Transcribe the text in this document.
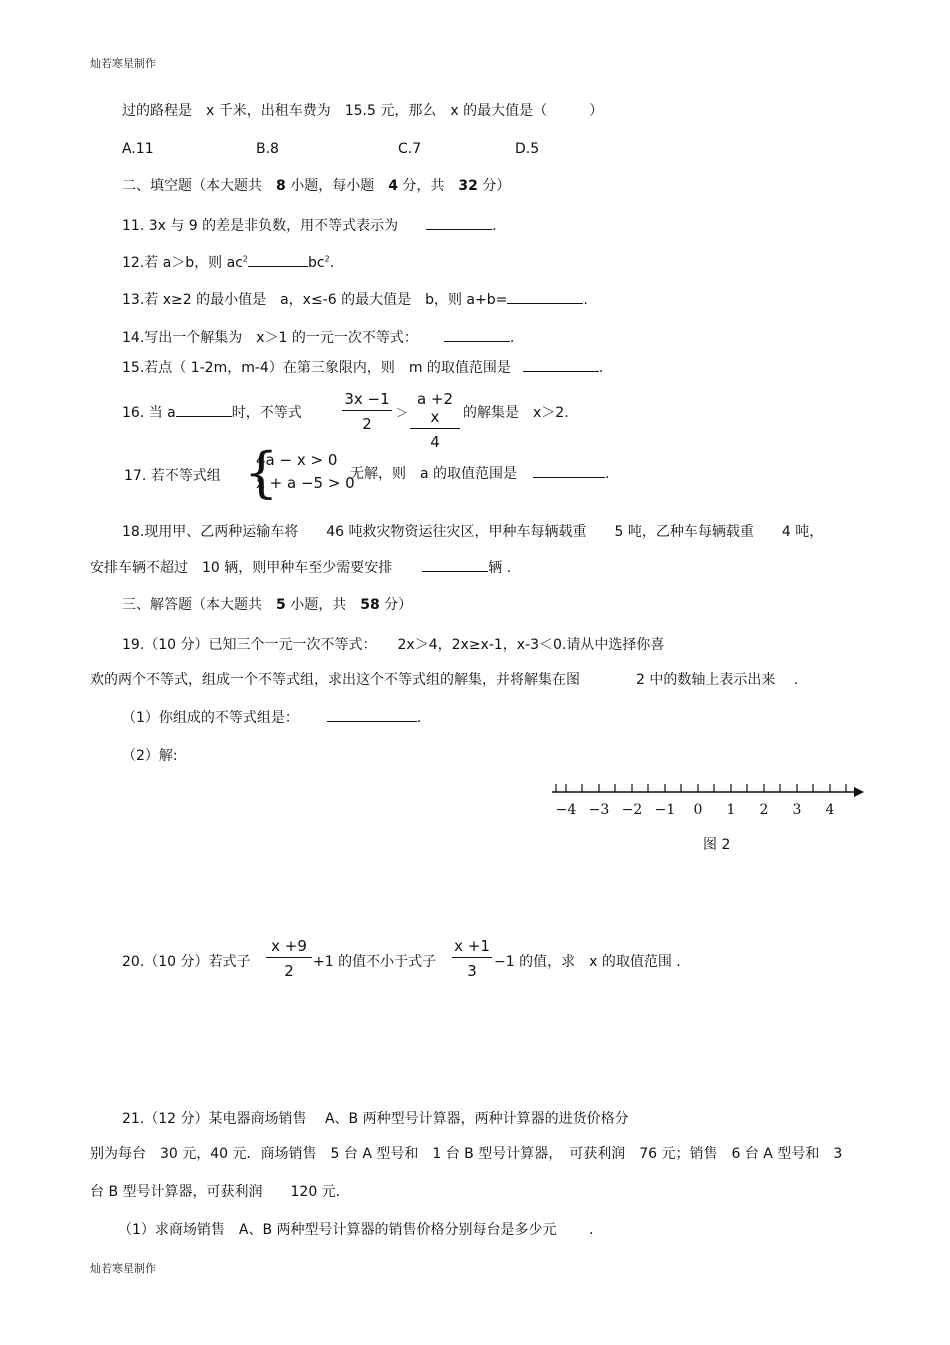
灿若寒星制作
过的路程是　x 千米，出租车费为　15.5 元，那么　x 的最大值是（　　　）
A.11	B.8	C.7	D.5
二、填空题（本大题共　8 小题，每小题　4 分，共　32 分）
11. 3x 与 9 的差是非负数，用不等式表示为	.
12.若 a＞b，则 $ac^2$	$bc^2$.
13.若 x≥2 的最小值是　a，x≤-6 的最大值是　b，则 a+b=	.
14.写出一个解集为　x＞1 的一元一次不等式：	.
15.若点（ 1-2m，m-4）在第三象限内，则　m 的取值范围是	.
16. 当 a	时，不等式
3x −1
2
＞
a +2 x
4
的解集是　x＞2.
17. 若不等式组 {
4a − x > 0
x + a −5 > 0
无解，则　a 的取值范围是	.
18.现用甲、乙两种运输车将　　46 吨救灾物资运往灾区，甲种车每辆载重　　5 吨，乙种车每辆载重　　4 吨，
安排车辆不超过　10 辆，则甲种车至少需要安排	辆 .
三、解答题（本大题共　5 小题，共　58 分）
19.（10 分）已知三个一元一次不等式：　　2x＞4，2x≥x-1，x-3＜0.请从中选择你喜
欢的两个不等式，组成一个不等式组，求出这个不等式组的解集，并将解集在图　　　　2 中的数轴上表示出来　 .
（1）你组成的不等式组是：	.
（2）解:
−4 −3 −2 −1 0 1 2 3 4
图 2
20.（10 分）若式子
x +9
2	+1 的值不小于式子
x +1
3	−1 的值，求　x 的取值范围 .
21.（12 分）某电器商场销售　 A、B 两种型号计算器，两种计算器的进货价格分
别为每台　30 元，40 元．商场销售　5 台 A 型号和　1 台 B 型号计算器，　可获利润　76 元；销售　6 台 A 型号和　3
台 B 型号计算器，可获利润　　120 元．
（1）求商场销售　A、B 两种型号计算器的销售价格分别每台是多少元　　 .
灿若寒星制作
